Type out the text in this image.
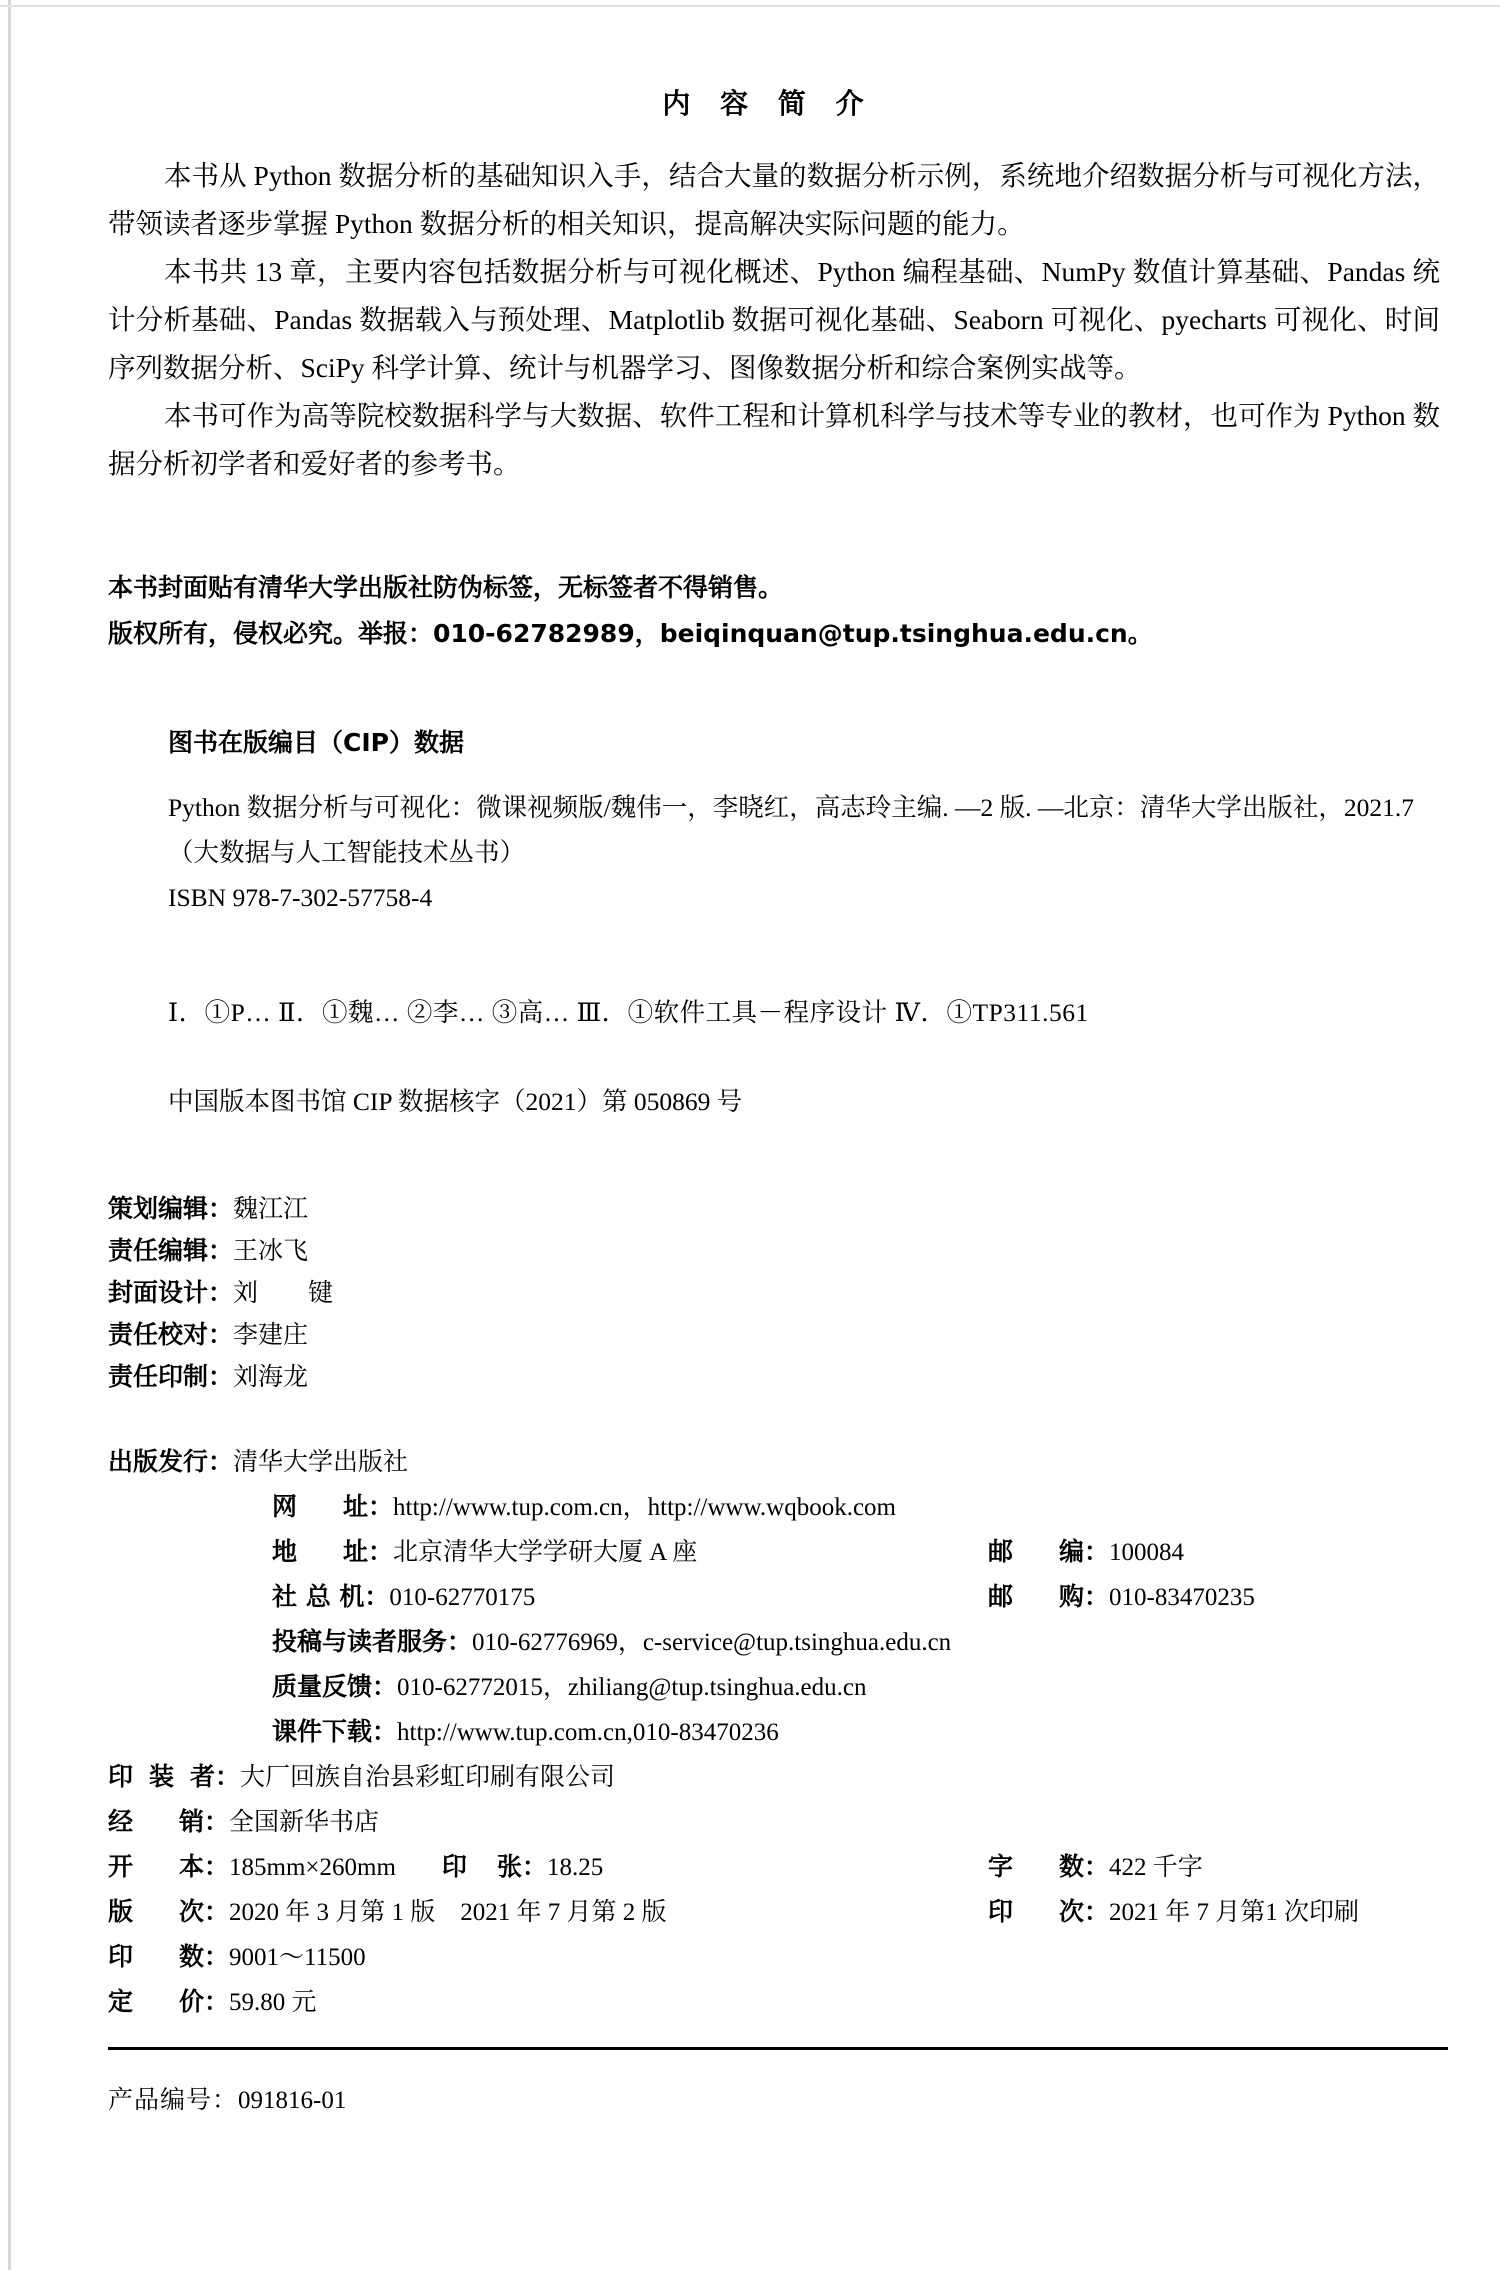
内 容 简 介

本书从 Python 数据分析的基础知识入手，结合大量的数据分析示例，系统地介绍数据分析与可视化方法，带领读者逐步掌握 Python 数据分析的相关知识，提高解决实际问题的能力。

本书共 13 章，主要内容包括数据分析与可视化概述、Python 编程基础、NumPy 数值计算基础、Pandas 统计分析基础、Pandas 数据载入与预处理、Matplotlib 数据可视化基础、Seaborn 可视化、pyecharts 可视化、时间序列数据分析、SciPy 科学计算、统计与机器学习、图像数据分析和综合案例实战等。

本书可作为高等院校数据科学与大数据、软件工程和计算机科学与技术等专业的教材，也可作为 Python 数据分析初学者和爱好者的参考书。

本书封面贴有清华大学出版社防伪标签，无标签者不得销售。
版权所有，侵权必究。举报：010-62782989，beiqinquan@tup.tsinghua.edu.cn。
图书在版编目（CIP）数据
Python 数据分析与可视化：微课视频版/魏伟一，李晓红，高志玲主编. —2 版. —北京：清华大学出版社，2021.7
（大数据与人工智能技术丛书）
ISBN 978-7-302-57758-4
Ⅰ．①P… Ⅱ．①魏… ②李… ③高… Ⅲ．①软件工具－程序设计 Ⅳ．①TP311.561
中国版本图书馆 CIP 数据核字（2021）第 050869 号
策划编辑：魏江江
责任编辑：王冰飞
封面设计：刘　　键
责任校对：李建庄
责任印制：刘海龙
出版发行：清华大学出版社
网 址：http://www.tup.com.cn，http://www.wqbook.com
地 址：北京清华大学学研大厦 A 座	邮 编：100084
社 总 机：010-62770175	邮 购：010-83470235
投稿与读者服务：010-62776969，c-service@tup.tsinghua.edu.cn
质量反馈：010-62772015，zhiliang@tup.tsinghua.edu.cn
课件下载：http://www.tup.com.cn,010-83470236
印 装 者：大厂回族自治县彩虹印刷有限公司
经 销：全国新华书店
开 本：185mm×260mm 印 张：18.25	字 数：422 千字
版 次：2020 年 3 月第 1 版　2021 年 7 月第 2 版	印 次：2021 年 7 月第1 次印刷
印 数：9001～11500
定 价：59.80 元
产品编号：091816-01
